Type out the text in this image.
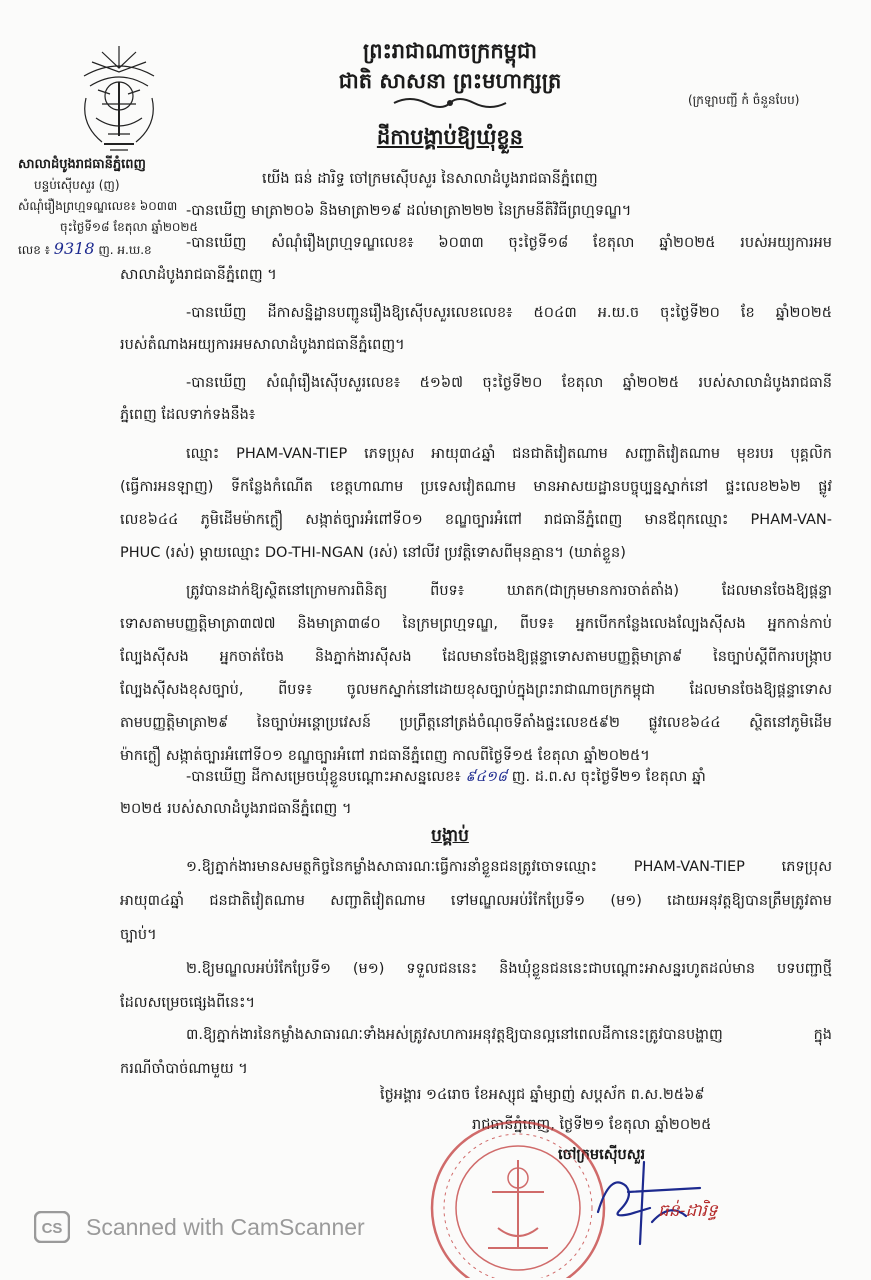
សាលាដំបូងរាជធានីភ្នំពេញ
បន្ទប់ស៊ើបសួរ (ញ)
សំណុំរឿងព្រហ្មទណ្ឌលេខ៖ ៦០៣៣
ចុះថ្ងៃទី១៨ ខែតុលា ឆ្នាំ២០២៥
លេខ ៖ 9318 ញ. អ.ឃ.ខ
ព្រះរាជាណាចក្រកម្ពុជា
ជាតិ សាសនា ព្រះមហាក្សត្រ
(ក្រឡាបញ្ជី កំ ចំនួនបែប)
ដីកាបង្គាប់ឱ្យឃុំខ្លួន
យើង ធន់ ដារិទ្ធ ចៅក្រមស៊ើបសួរ នៃសាលាដំបូងរាជធានីភ្នំពេញ
-បានឃើញ មាត្រា២០៦ និងមាត្រា២១៩ ដល់មាត្រា២២២ នៃក្រមនីតិវិធីព្រហ្មទណ្ឌ។
-បានឃើញ សំណុំរឿងព្រហ្មទណ្ឌលេខ៖ ៦០៣៣ ចុះថ្ងៃទី១៨ ខែតុលា ឆ្នាំ២០២៥ របស់អយ្យការអម
សាលាដំបូងរាជធានីភ្នំពេញ ។
-បានឃើញ ដីកាសន្និដ្ឋានបញ្ជូនរឿងឱ្យស៊ើបសួរលេខលេខ៖ ៥០៤៣ អ.យ.ច ចុះថ្ងៃទី២០ ខែ ឆ្នាំ២០២៥
របស់តំណាងអយ្យការអមសាលាដំបូងរាជធានីភ្នំពេញ។
-បានឃើញ សំណុំរឿងស៊ើបសួរលេខ៖ ៥១៦៧ ចុះថ្ងៃទី២០ ខែតុលា ឆ្នាំ២០២៥ របស់សាលាដំបូងរាជធានី
ភ្នំពេញ ដែលទាក់ទងនឹង៖
ឈ្មោះ PHAM-VAN-TIEP ភេទប្រុស អាយុ៣៤ឆ្នាំ ជនជាតិវៀតណាម សញ្ជាតិវៀតណាម មុខរបរ បុគ្គលិក
(ធ្វើការអនឡាញ) ទីកន្លែងកំណើត ខេត្តហាណាម ប្រទេសវៀតណាម មានអាសយដ្ឋានបច្ចុប្បន្នស្នាក់នៅ ផ្ទះលេខ២៦២ ផ្លូវ
លេខ៦៤៤ ភូមិដើមម៉ាកក្លឿ សង្កាត់ច្បារអំពៅទី០១ ខណ្ឌច្បារអំពៅ រាជធានីភ្នំពេញ មានឪពុកឈ្មោះ PHAM-VAN-
PHUC (រស់) ម្តាយឈ្មោះ DO-THI-NGAN (រស់) នៅលីវ ប្រវត្តិទោសពីមុនគ្មាន។ (ឃាត់ខ្លួន)
ត្រូវបានដាក់ឱ្យស្ថិតនៅក្រោមការពិនិត្យ ពីបទ៖ ឃាតក(ជាក្រុមមានការចាត់តាំង) ដែលមានចែងឱ្យផ្តន្ទា
ទោសតាមបញ្ញត្តិមាត្រា៣៧៧ និងមាត្រា៣៨០ នៃក្រមព្រហ្មទណ្ឌ, ពីបទ៖ អ្នកបើកកន្លែងលេងល្បែងស៊ីសង អ្នកកាន់កាប់
ល្បែងស៊ីសង អ្នកចាត់ចែង និងភ្នាក់ងារស៊ីសង ដែលមានចែងឱ្យផ្តន្ទាទោសតាមបញ្ញត្តិមាត្រា៩ នៃច្បាប់ស្តីពីការបង្ក្រាប
ល្បែងស៊ីសងខុសច្បាប់, ពីបទ៖ ចូលមកស្នាក់នៅដោយខុសច្បាប់ក្នុងព្រះរាជាណាចក្រកម្ពុជា ដែលមានចែងឱ្យផ្តន្ទាទោស
តាមបញ្ញត្តិមាត្រា២៩ នៃច្បាប់អន្តោប្រវេសន៍ ប្រព្រឹត្តនៅត្រង់ចំណុចទីតាំងផ្ទះលេខ៥៩២ ផ្លូវលេខ៦៤៤ ស្ថិតនៅភូមិដើម
ម៉ាកក្លឿ សង្កាត់ច្បារអំពៅទី០១ ខណ្ឌច្បារអំពៅ រាជធានីភ្នំពេញ កាលពីថ្ងៃទី១៥ ខែតុលា ឆ្នាំ២០២៥។
-បានឃើញ ដីកាសម្រេចឃុំខ្លួនបណ្តោះអាសន្នលេខ៖ ៩៤១៨ ញ. ដ.ព.ស ចុះថ្ងៃទី២១ ខែតុលា ឆ្នាំ
២០២៥ របស់សាលាដំបូងរាជធានីភ្នំពេញ ។
បង្គាប់
១.ឱ្យភ្នាក់ងារមានសមត្ថកិច្ចនៃកម្លាំងសាធារណៈធ្វើការនាំខ្លួនជនត្រូវចោទឈ្មោះ PHAM-VAN-TIEP ភេទប្រុស
អាយុ៣៤ឆ្នាំ ជនជាតិវៀតណាម សញ្ជាតិវៀតណាម ទៅមណ្ឌលអប់រំកែប្រែទី១ (ម១) ដោយអនុវត្តឱ្យបានត្រឹមត្រូវតាម
ច្បាប់។
២.ឱ្យមណ្ឌលអប់រំកែប្រែទី១ (ម១) ទទួលជននេះ និងឃុំខ្លួនជននេះជាបណ្តោះអាសន្នរហូតដល់មាន បទបញ្ជាថ្មី
ដែលសម្រេចផ្សេងពីនេះ។
៣.ឱ្យភ្នាក់ងារនៃកម្លាំងសាធារណៈទាំងអស់ត្រូវសហការអនុវត្តឱ្យបានល្អនៅពេលដីកានេះត្រូវបានបង្ហាញ ក្នុង
ករណីចាំបាច់ណាមួយ ។
ថ្ងៃអង្គារ ១៤រោច ខែអស្សុជ ឆ្នាំម្សាញ់ សប្តស័ក ព.ស.២៥៦៩
រាជធានីភ្នំពេញ, ថ្ងៃទី២១ ខែតុលា ឆ្នាំ២០២៥
ចៅក្រមស៊ើបសួរ
ធន់-ដារិទ្ធ
CS Scanned with CamScanner
